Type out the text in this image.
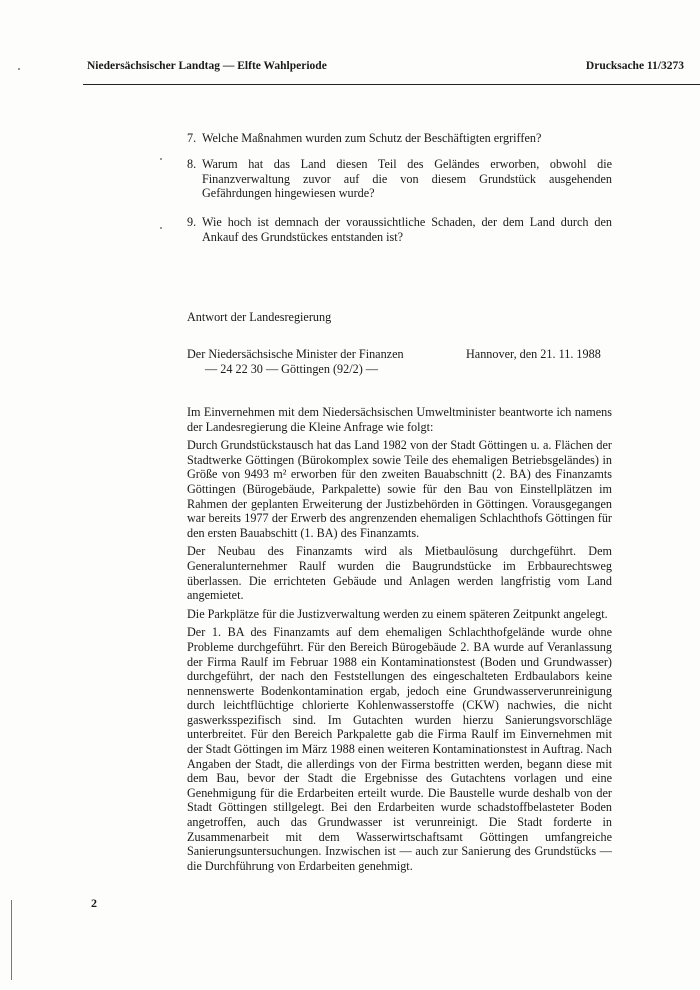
Niedersächsischer Landtag — Elfte Wahlperiode	Drucksache 11/3273
7. Welche Maßnahmen wurden zum Schutz der Beschäftigten ergriffen?
8. Warum hat das Land diesen Teil des Geländes erworben, obwohl die Finanzverwaltung zuvor auf die von diesem Grundstück ausgehenden Gefährdungen hingewiesen wurde?
9. Wie hoch ist demnach der voraussichtliche Schaden, der dem Land durch den Ankauf des Grundstückes entstanden ist?
Antwort der Landesregierung
Der Niedersächsische Minister der Finanzen
— 24 22 30 — Göttingen (92/2) —
Hannover, den 21. 11. 1988

Im Einvernehmen mit dem Niedersächsischen Umweltminister beantworte ich namens der Landesregierung die Kleine Anfrage wie folgt:

Durch Grundstückstausch hat das Land 1982 von der Stadt Göttingen u. a. Flächen der Stadtwerke Göttingen (Bürokomplex sowie Teile des ehemaligen Betriebsgeländes) in Größe von 9493 m² erworben für den zweiten Bauabschnitt (2. BA) des Finanzamts Göttingen (Bürogebäude, Parkpalette) sowie für den Bau von Einstellplätzen im Rahmen der geplanten Erweiterung der Justizbehörden in Göttingen. Vorausgegangen war bereits 1977 der Erwerb des angrenzenden ehemaligen Schlachthofs Göttingen für den ersten Bauabschitt (1. BA) des Finanzamts.

Der Neubau des Finanzamts wird als Mietbaulösung durchgeführt. Dem Generalunternehmer Raulf wurden die Baugrundstücke im Erbbaurechtsweg überlassen. Die errichteten Gebäude und Anlagen werden langfristig vom Land angemietet.

Die Parkplätze für die Justizverwaltung werden zu einem späteren Zeitpunkt angelegt.

Der 1. BA des Finanzamts auf dem ehemaligen Schlachthofgelände wurde ohne Probleme durchgeführt. Für den Bereich Bürogebäude 2. BA wurde auf Veranlassung der Firma Raulf im Februar 1988 ein Kontaminationstest (Boden und Grundwasser) durchgeführt, der nach den Feststellungen des eingeschalteten Erdbaulabors keine nennenswerte Bodenkontamination ergab, jedoch eine Grundwasserverunreinigung durch leichtflüchtige chlorierte Kohlenwasserstoffe (CKW) nachwies, die nicht gaswerksspezifisch sind. Im Gutachten wurden hierzu Sanierungsvorschläge unterbreitet. Für den Bereich Parkpalette gab die Firma Raulf im Einvernehmen mit der Stadt Göttingen im März 1988 einen weiteren Kontaminationstest in Auftrag. Nach Angaben der Stadt, die allerdings von der Firma bestritten werden, begann diese mit dem Bau, bevor der Stadt die Ergebnisse des Gutachtens vorlagen und eine Genehmigung für die Erdarbeiten erteilt wurde. Die Baustelle wurde deshalb von der Stadt Göttingen stillgelegt. Bei den Erdarbeiten wurde schadstoffbelasteter Boden angetroffen, auch das Grundwasser ist verunreinigt. Die Stadt forderte in Zusammenarbeit mit dem Wasserwirtschaftsamt Göttingen umfangreiche Sanierungsuntersuchungen. Inzwischen ist — auch zur Sanierung des Grundstücks — die Durchführung von Erdarbeiten genehmigt.

2
